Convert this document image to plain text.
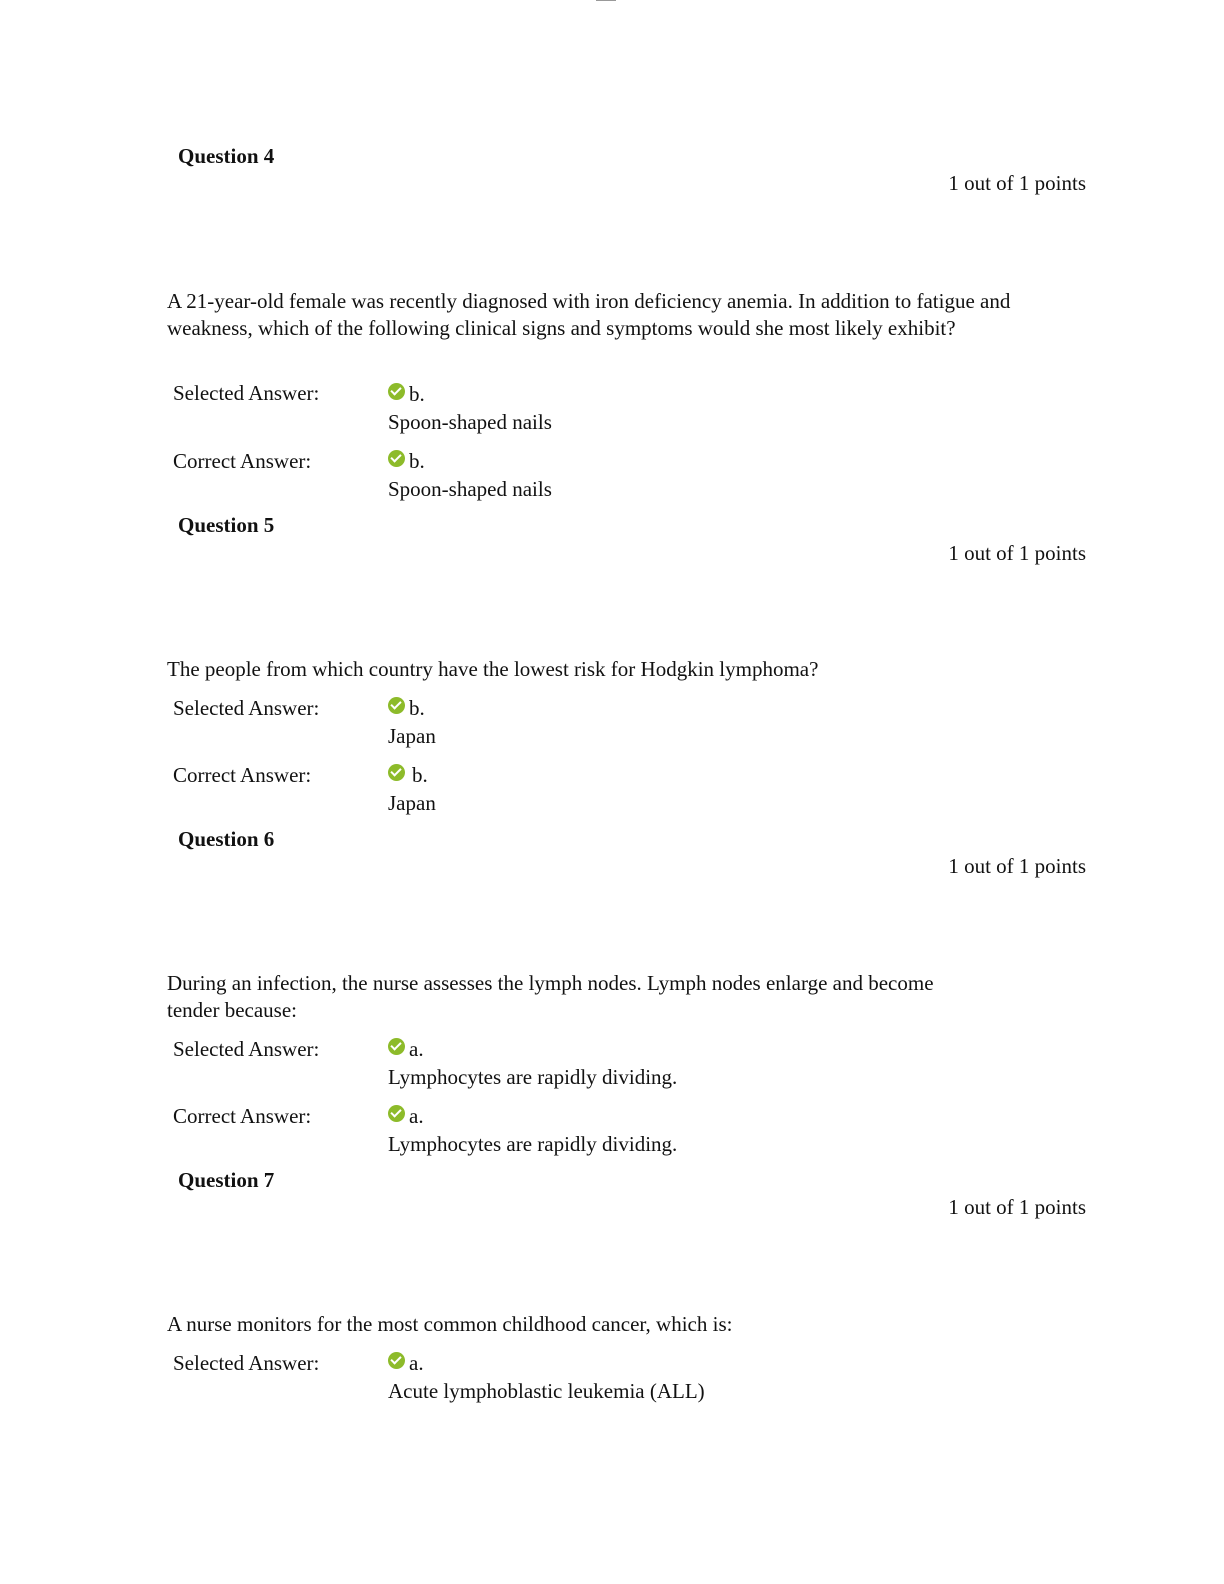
Question 4
1 out of 1 points
A 21-year-old female was recently diagnosed with iron deficiency anemia. In addition to fatigue and weakness, which of the following clinical signs and symptoms would she most likely exhibit?
Selected Answer:	b.
Spoon-shaped nails
Correct Answer:	b.
Spoon-shaped nails
Question 5
1 out of 1 points
The people from which country have the lowest risk for Hodgkin lymphoma?
Selected Answer:	b.
Japan
Correct Answer:	b.
Japan
Question 6
1 out of 1 points
During an infection, the nurse assesses the lymph nodes. Lymph nodes enlarge and become tender because:
Selected Answer:	a.
Lymphocytes are rapidly dividing.
Correct Answer:	a.
Lymphocytes are rapidly dividing.
Question 7
1 out of 1 points
A nurse monitors for the most common childhood cancer, which is:
Selected Answer:	a.
Acute lymphoblastic leukemia (ALL)
